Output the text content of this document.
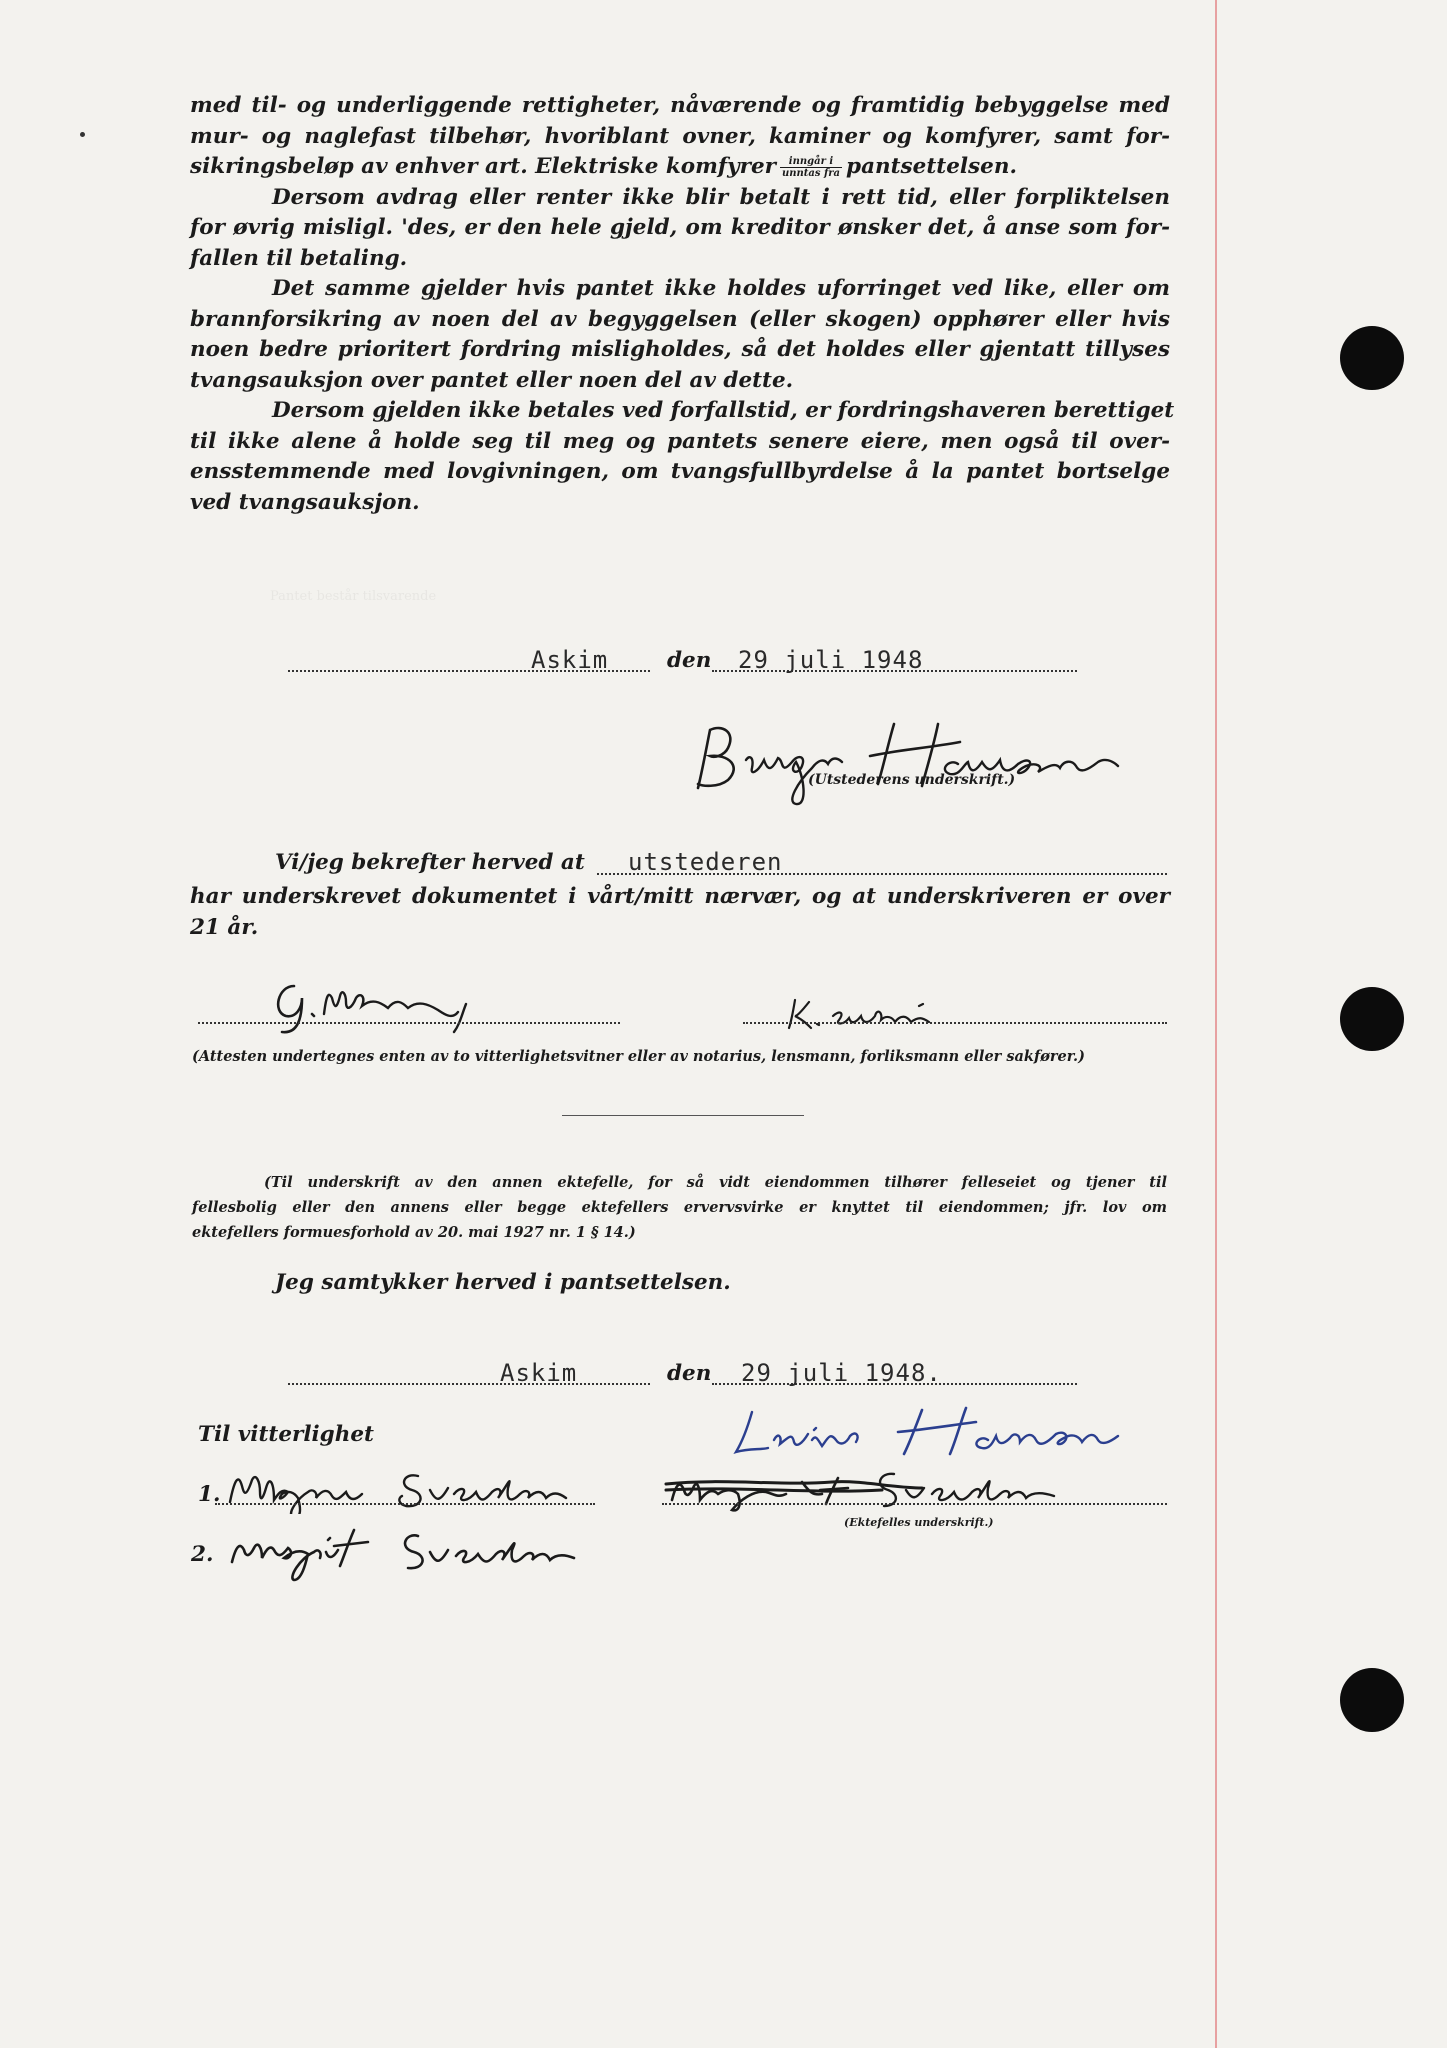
Pantet består tilsvarende
med til- og underliggende rettigheter, nåværende og framtidig bebyggelse med
mur- og naglefast tilbehør, hvoriblant ovner, kaminer og komfyrer, samt for-
sikringsbeløp av enhver art. Elektriske komfyrer $\frac{\text{inngår i}}{\text{unntas fra}}$ pantsettelsen.
Dersom avdrag eller renter ikke blir betalt i rett tid, eller forpliktelsen
for øvrig misligl. 'des, er den hele gjeld, om kreditor ønsker det, å anse som for-
fallen til betaling.
Det samme gjelder hvis pantet ikke holdes uforringet ved like, eller om
brannforsikring av noen del av begyggelsen (eller skogen) opphører eller hvis
noen bedre prioritert fordring misligholdes, så det holdes eller gjentatt tillyses
tvangsauksjon over pantet eller noen del av dette.
Dersom gjelden ikke betales ved forfallstid, er fordringshaveren berettiget
til ikke alene å holde seg til meg og pantets senere eiere, men også til over-
ensstemmende med lovgivningen, om tvangsfullbyrdelse å la pantet bortselge
ved tvangsauksjon.
Askim	den 29 juli 1948
(Utstederens underskrift.)
Vi/jeg bekrefter herved at utstederen
har underskrevet dokumentet i vårt/mitt nærvær, og at underskriveren er over
21 år.
(Attesten undertegnes enten av to vitterlighetsvitner eller av notarius, lensmann, forliksmann eller sakfører.)
(Til underskrift av den annen ektefelle, for så vidt eiendommen tilhører felleseiet og tjener til
fellesbolig eller den annens eller begge ektefellers ervervsvirke er knyttet til eiendommen; jfr. lov om
ektefellers formuesforhold av 20. mai 1927 nr. 1 § 14.)
Jeg samtykker herved i pantsettelsen.
Askim	den 29 juli 1948.
Til vitterlighet
1.
(Ektefelles underskrift.)
2.
